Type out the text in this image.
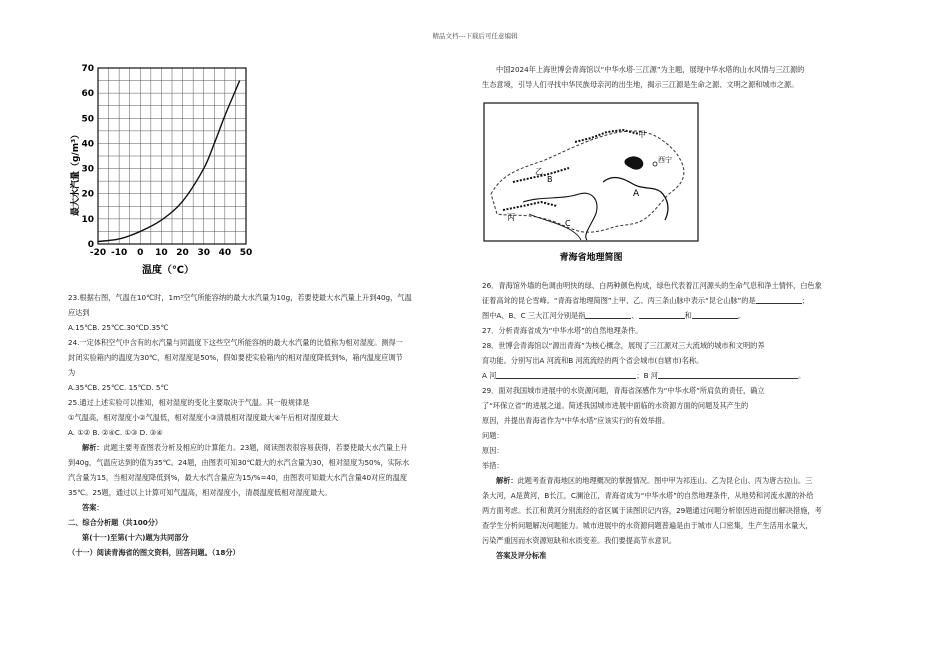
精品文档---下载后可任意编辑
-20 -10 0 10 20 30 40 50
0
10
20
30
40
50
60
70
温度（℃）
最大水汽量（g/m³）	甲
乙
B
丙
C
A
西宁
青海省地理简图

23.根据右图，气温在10℃时，1m³空气所能容纳的最大水汽量为10g，若要使最大水汽量上升到40g，气温

应达到

A.15℃B. 25℃C.30℃D.35℃

24.一定体积空气中含有的水汽量与同温度下这些空气所能容纳的最大水汽量的比值称为相对湿度。测得一

封闭实验箱内的温度为30℃，相对湿度是50%，假如要使实验箱内的相对湿度降低到%，箱内温度应调节

为

A.35℃B. 25℃C. 15℃D. 5℃

25.通过上述实验可以推知，相对湿度的变化主要取决于气温。其一般规律是

①气温高，相对湿度小②气温低，相对湿度小③清晨相对湿度最大④午后相对湿度最大

A. ①② B. ②④C. ①③ D. ③④

解析：此题主要考查图表分析及相应的计算能力。23题，阅读图表很容易获得，若要使最大水汽量上升

到40g，气温应达到的值为35℃。24题，由图表可知30℃最大的水汽含量为30，相对湿度为50%，实际水

汽含量为15，当相对湿度降低到%，最大水汽含量应为15/%=40，由图表可知最大水汽含量40对应的温度

35℃。25题，通过以上计算可知气温高，相对湿度小，清晨温度低相对湿度最大。

答案：

二、综合分析题（共100分）

第(十一)至第(十六)题为共同部分

（十一）阅读青海省的图文资料，回答问题。（18分）

中国2024年上海世博会青海馆以“中华水塔·三江源”为主题，展现中华水塔的山水风情与三江源的

生态意境，引导人们寻找中华民族母亲河的出生地，揭示三江源是生命之源、文明之源和城市之源。

26．青海馆外墙的色调由明快的绿、白两种颜色构成，绿色代表着江河源头的生命气息和净土情怀，白色象

征着高耸的昆仑雪峰。“青海省地理简图”上甲、乙、丙三条山脉中表示“昆仑山脉”的是	；

图中A、B、C 三大江河分别是指	、	和	。

27．分析青海省成为“中华水塔”的自然地理条件。

28．世博会青海馆以“源出青海”为核心概念，展现了三江源对三大流域的城市和文明的养

育功能。分别写出A 河流和B 河流流经的两个省会城市(自辖市)名称。

A 河	；B 河	。

29．面对我国城市进展中的水资源问题，青海省深感作为“中华水塔”所肩负的责任，确立

了“环保立省”的进展之道。简述我国城市进展中面临的水资源方面的问题及其产生的

原因，并提出青海省作为“中华水塔”应该实行的有效举措。

问题：

原因：

举措：

解析：此题考查青海地区的地理概况的掌握情况。图中甲为祁连山、乙为昆仑山、丙为唐古拉山。三

条大河，A是黄河，B长江，C澜沧江，青海省成为“中华水塔”的自然地理条件，从地势和河流水源的补给

两方面考虑。长江和黄河分别流经的省区属于读图识记内容，29题通过问题分析原因进而提出解决措施，考

查学生分析问题解决问题能力。城市进展中的水资源问题普遍是由于城市人口密集，生产生活用水量大，

污染严重因而水资源短缺和水质变差。我们要提高节水意识。

答案及评分标准
